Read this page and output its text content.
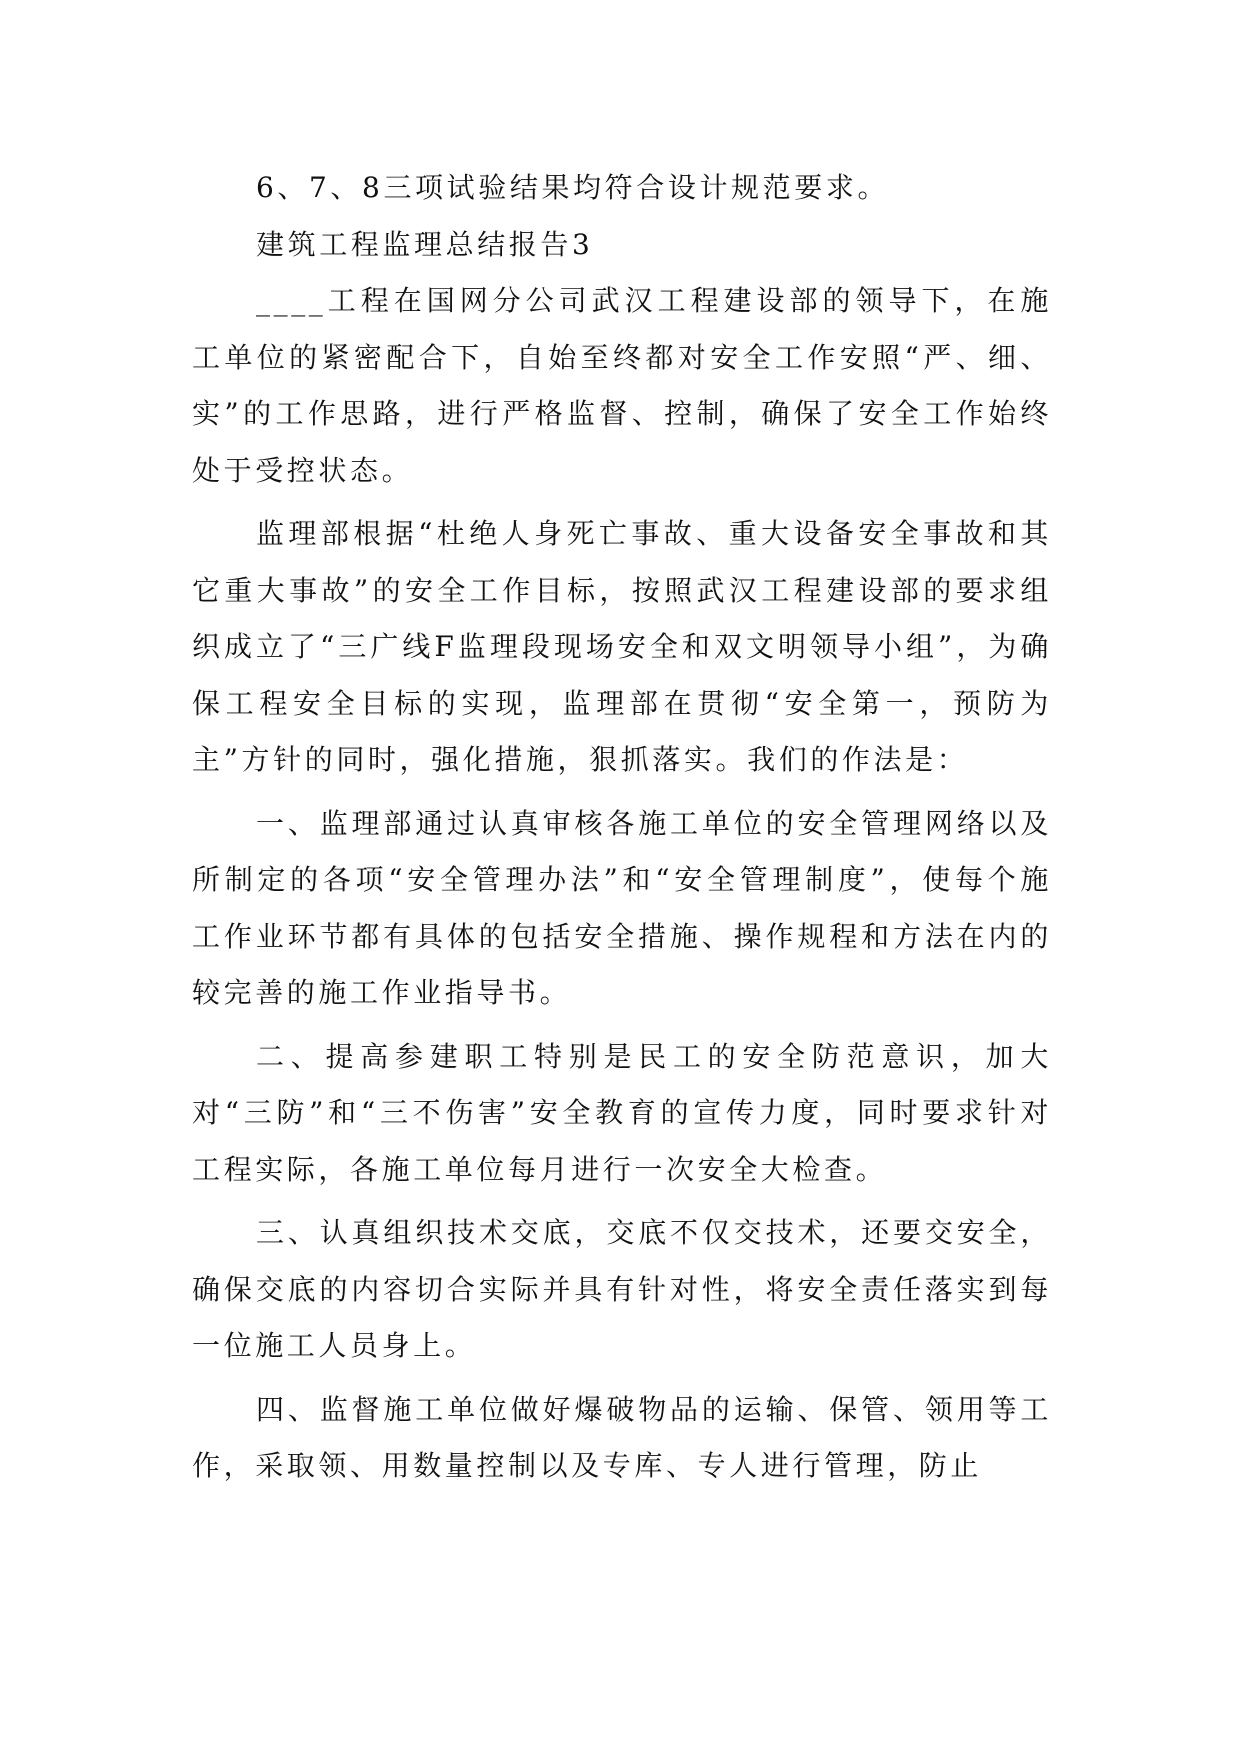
6、7、8三项试验结果均符合设计规范要求。

建筑工程监理总结报告3

____工程在国网分公司武汉工程建设部的领导下，在施工单位的紧密配合下，自始至终都对安全工作安照“严、细、实”的工作思路，进行严格监督、控制，确保了安全工作始终处于受控状态。

监理部根据“杜绝人身死亡事故、重大设备安全事故和其它重大事故”的安全工作目标，按照武汉工程建设部的要求组织成立了“三广线F监理段现场安全和双文明领导小组”，为确保工程安全目标的实现，监理部在贯彻“安全第一，预防为主”方针的同时，强化措施，狠抓落实。我们的作法是：

一、监理部通过认真审核各施工单位的安全管理网络以及所制定的各项“安全管理办法”和“安全管理制度”，使每个施工作业环节都有具体的包括安全措施、操作规程和方法在内的较完善的施工作业指导书。

二、提高参建职工特别是民工的安全防范意识，加大对“三防”和“三不伤害”安全教育的宣传力度，同时要求针对工程实际，各施工单位每月进行一次安全大检查。

三、认真组织技术交底，交底不仅交技术，还要交安全，确保交底的内容切合实际并具有针对性，将安全责任落实到每一位施工人员身上。

四、监督施工单位做好爆破物品的运输、保管、领用等工作，采取领、用数量控制以及专库、专人进行管理，防止
